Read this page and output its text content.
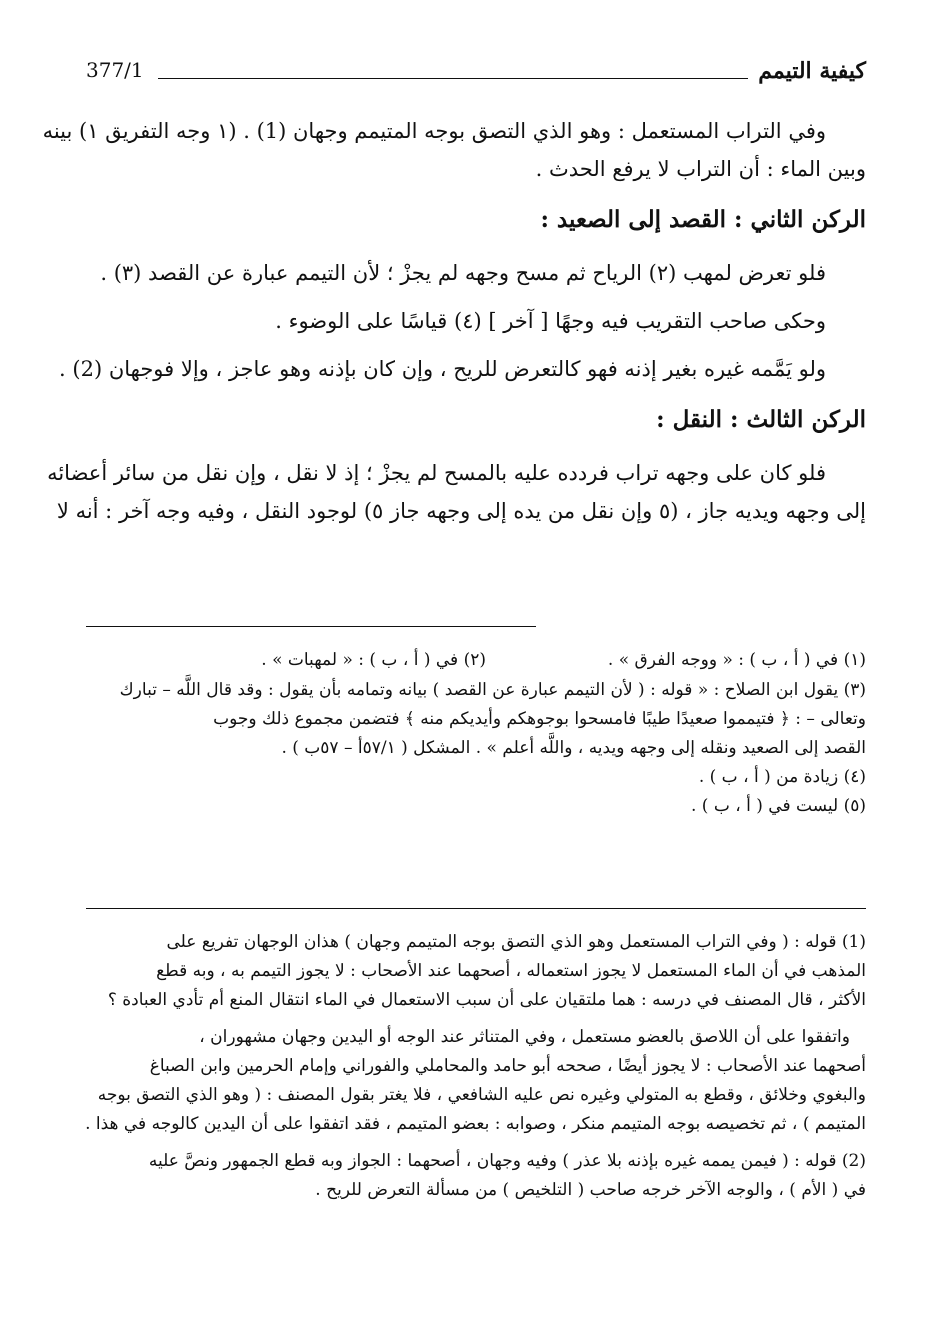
كيفية التيمم
377/1
وفي التراب المستعمل : وهو الذي التصق بوجه المتيمم وجهان (1) . (١ وجه التفريق ١) بينه
وبين الماء : أن التراب لا يرفع الحدث .
الركن الثاني : القصد إلى الصعيد :
فلو تعرض لمهب (٢) الرياح ثم مسح وجهه لم يجزْ ؛ لأن التيمم عبارة عن القصد (٣) .
وحكى صاحب التقريب فيه وجهًا [ آخر ] (٤) قياسًا على الوضوء .
ولو يَمَّمه غيره بغير إذنه فهو كالتعرض للريح ، وإن كان بإذنه وهو عاجز ، وإلا فوجهان (2) .
الركن الثالث : النقل :
فلو كان على وجهه تراب فردده عليه بالمسح لم يجزْ ؛ إذ لا نقل ، وإن نقل من سائر أعضائه
إلى وجهه ويديه جاز ، (٥ وإن نقل من يده إلى وجهه جاز ٥) لوجود النقل ، وفيه وجه آخر : أنه لا
(١) في ( أ ، ب ) : « ووجه الفرق » .
(٢) في ( أ ، ب ) : « لمهبات » .
(٣) يقول ابن الصلاح : « قوله : ( لأن التيمم عبارة عن القصد ) بيانه وتمامه بأن يقول : وقد قال اللَّه – تبارك
وتعالى – : ﴿ فتيمموا صعيدًا طيبًا فامسحوا بوجوهكم وأيديكم منه ﴾ فتضمن مجموع ذلك وجوب
القصد إلى الصعيد ونقله إلى وجهه ويديه ، واللَّه أعلم » . المشكل ( ٥٧/١أ – ٥٧ب ) .
(٤) زيادة من ( أ ، ب ) .
(٥) ليست في ( أ ، ب ) .
(1) قوله : ( وفي التراب المستعمل وهو الذي التصق بوجه المتيمم وجهان ) هذان الوجهان تفريع على
المذهب في أن الماء المستعمل لا يجوز استعماله ، أصحهما عند الأصحاب : لا يجوز التيمم به ، وبه قطع
الأكثر ، قال المصنف في درسه : هما ملتقيان على أن سبب الاستعمال في الماء انتقال المنع أم تأدي العبادة ؟
واتفقوا على أن اللاصق بالعضو مستعمل ، وفي المتناثر عند الوجه أو اليدين وجهان مشهوران ،
أصحهما عند الأصحاب : لا يجوز أيضًا ، صححه أبو حامد والمحاملي والفوراني وإمام الحرمين وابن الصباغ
والبغوي وخلائق ، وقطع به المتولي وغيره نص عليه الشافعي ، فلا يغتر بقول المصنف : ( وهو الذي التصق بوجه
المتيمم ) ، ثم تخصيصه بوجه المتيمم منكر ، وصوابه : بعضو المتيمم ، فقد اتفقوا على أن اليدين كالوجه في هذا .
(2) قوله : ( فيمن يممه غيره بإذنه بلا عذر ) وفيه وجهان ، أصحهما : الجواز وبه قطع الجمهور ونصَّ عليه
في ( الأم ) ، والوجه الآخر خرجه صاحب ( التلخيص ) من مسألة التعرض للريح .
